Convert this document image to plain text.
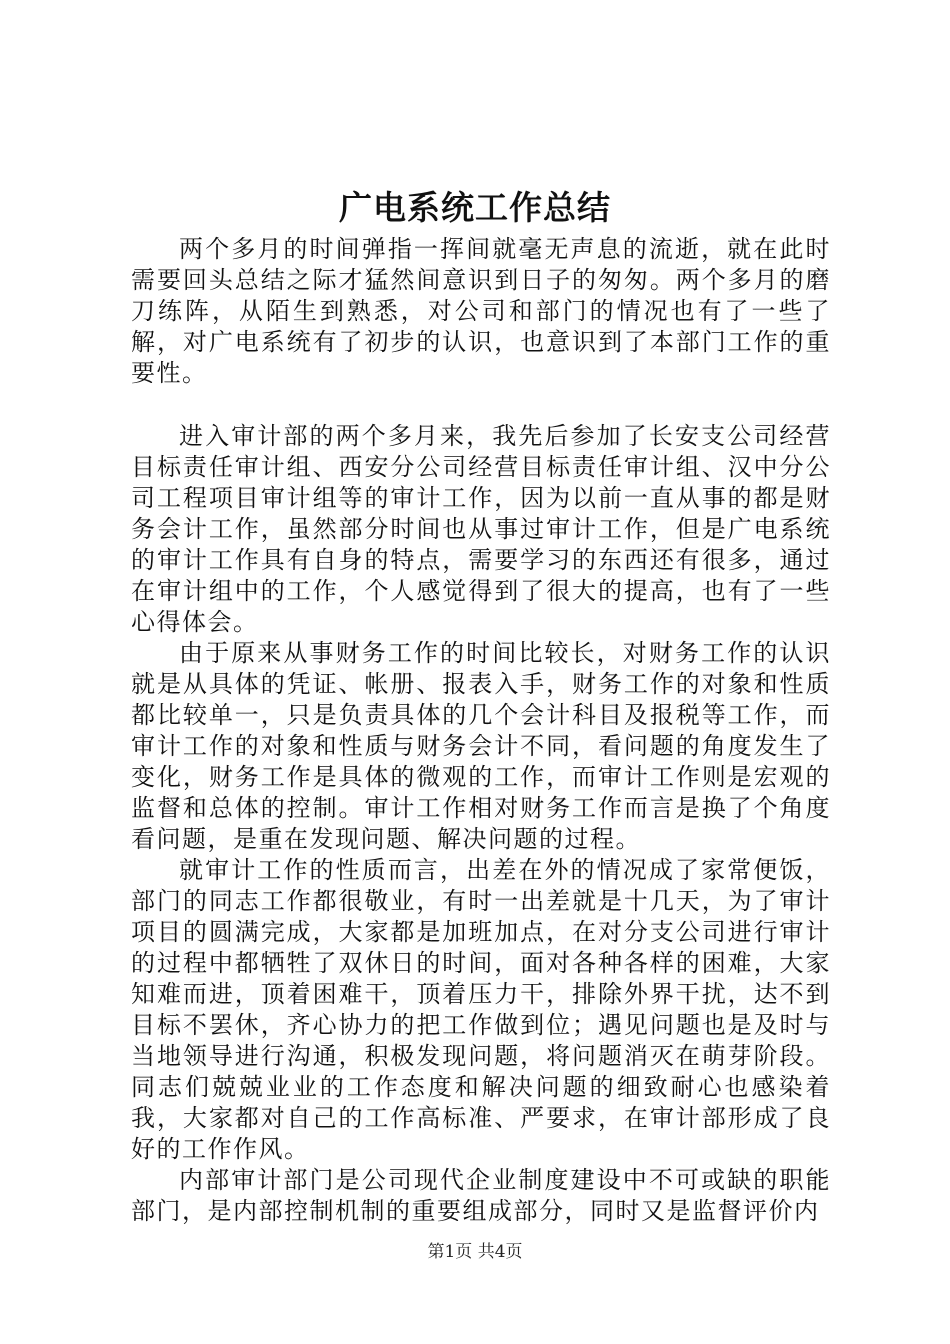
广电系统工作总结

两个多月的时间弹指一挥间就毫无声息的流逝，就在此时需要回头总结之际才猛然间意识到日子的匆匆。两个多月的磨刀练阵，从陌生到熟悉，对公司和部门的情况也有了一些了解，对广电系统有了初步的认识，也意识到了本部门工作的重要性。

进入审计部的两个多月来，我先后参加了长安支公司经营目标责任审计组、西安分公司经营目标责任审计组、汉中分公司工程项目审计组等的审计工作，因为以前一直从事的都是财务会计工作，虽然部分时间也从事过审计工作，但是广电系统的审计工作具有自身的特点，需要学习的东西还有很多，通过在审计组中的工作，个人感觉得到了很大的提高，也有了一些心得体会。

由于原来从事财务工作的时间比较长，对财务工作的认识就是从具体的凭证、帐册、报表入手，财务工作的对象和性质都比较单一，只是负责具体的几个会计科目及报税等工作，而审计工作的对象和性质与财务会计不同，看问题的角度发生了变化，财务工作是具体的微观的工作，而审计工作则是宏观的监督和总体的控制。审计工作相对财务工作而言是换了个角度看问题，是重在发现问题、解决问题的过程。

就审计工作的性质而言，出差在外的情况成了家常便饭，部门的同志工作都很敬业，有时一出差就是十几天，为了审计项目的圆满完成，大家都是加班加点，在对分支公司进行审计的过程中都牺牲了双休日的时间，面对各种各样的困难，大家知难而进，顶着困难干，顶着压力干，排除外界干扰，达不到目标不罢休，齐心协力的把工作做到位；遇见问题也是及时与当地领导进行沟通，积极发现问题，将问题消灭在萌芽阶段。同志们兢兢业业的工作态度和解决问题的细致耐心也感染着我，大家都对自己的工作高标准、严要求，在审计部形成了良好的工作作风。

内部审计部门是公司现代企业制度建设中不可或缺的职能部门，是内部控制机制的重要组成部分，同时又是监督评价内

第1页 共4页
